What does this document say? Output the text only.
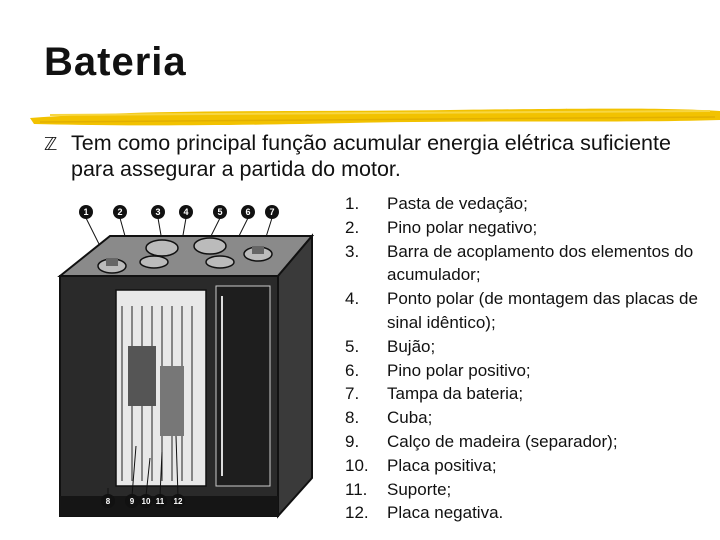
Bateria
ℤ Tem como principal função acumular energia elétrica suficiente para assegurar a partida do motor.
1	2	3	4	5	6 7
8 9 10 11 12
1. Pasta de vedação;
2. Pino polar negativo;
3. Barra de acoplamento dos elementos do acumulador;
4. Ponto polar (de montagem das placas de sinal idêntico);
5. Bujão;
6. Pino polar positivo;
7. Tampa da bateria;
8. Cuba;
9. Calço de madeira (separador);
10. Placa positiva;
11. Suporte;
12. Placa negativa.
